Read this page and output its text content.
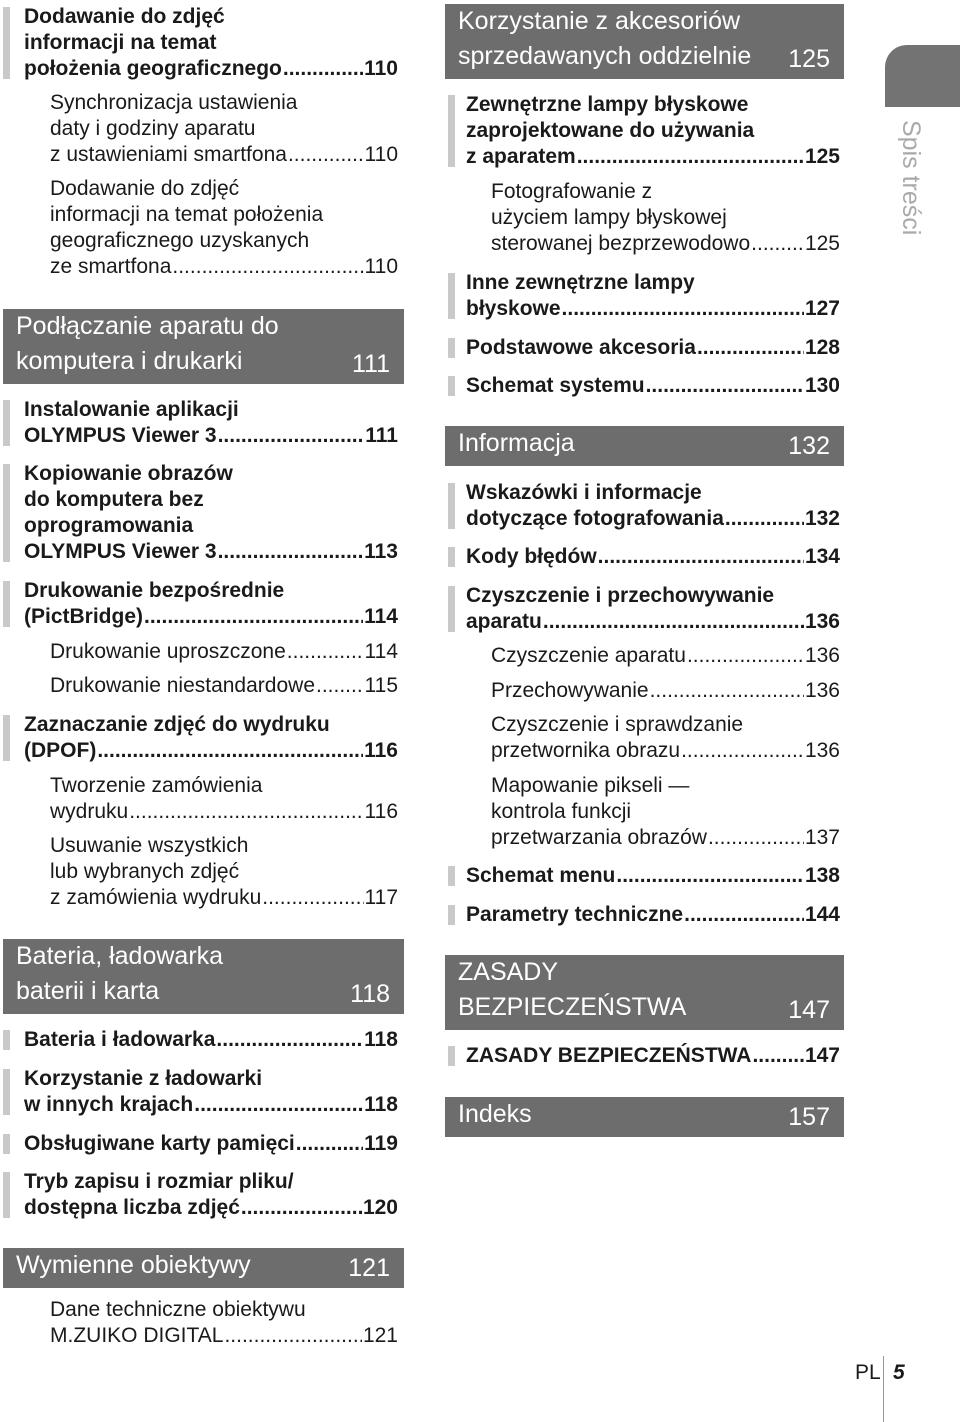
Dodawanie do zdjęć
informacji na temat
położenia geograficznego .....	110
Synchronizacja ustawienia
daty i godziny aparatu
z ustawieniami smartfona .....	110
Dodawanie do zdjęć
informacji na temat położenia
geograficznego uzyskanych
ze smartfona .....	110
Podłączanie aparatu do
komputera i drukarki	111
Instalowanie aplikacji
OLYMPUS Viewer 3 .....	111
Kopiowanie obrazów
do komputera bez
oprogramowania
OLYMPUS Viewer 3 .....	113
Drukowanie bezpośrednie
(PictBridge) .....	114
Drukowanie uproszczone .....	114
Drukowanie niestandardowe ..... 115
Zaznaczanie zdjęć do wydruku
(DPOF) .....	116
Tworzenie zamówienia
wydruku .....	116
Usuwanie wszystkich
lub wybranych zdjęć
z zamówienia wydruku .....	117
Bateria, ładowarka
baterii i karta	118
Bateria i ładowarka .....	118
Korzystanie z ładowarki
w innych krajach .....	118
Obsługiwane karty pamięci .....	119
Tryb zapisu i rozmiar pliku/
dostępna liczba zdjęć .....	120
Wymienne obiektywy	121
Dane techniczne obiektywu
M.ZUIKO DIGITAL .....	121
Korzystanie z akcesoriów
sprzedawanych oddzielnie	125
Zewnętrzne lampy błyskowe
zaprojektowane do używania
z aparatem .....	125
Fotografowanie z
użyciem lampy błyskowej
sterowanej bezprzewodowo .....	125
Inne zewnętrzne lampy
błyskowe .....	127
Podstawowe akcesoria .....	128
Schemat systemu .....	130
Informacja	132
Wskazówki i informacje
dotyczące fotografowania .....	132
Kody błędów .....	134
Czyszczenie i przechowywanie
aparatu .....	136
Czyszczenie aparatu .....	136
Przechowywanie .....	136
Czyszczenie i sprawdzanie
przetwornika obrazu .....	136
Mapowanie pikseli —
kontrola funkcji
przetwarzania obrazów .....	137
Schemat menu .....	138
Parametry techniczne .....	144
ZASADY
BEZPIECZEŃSTWA	147
ZASADY BEZPIECZEŃSTWA .....	147
Indeks	157
Spis treści
PL 5
